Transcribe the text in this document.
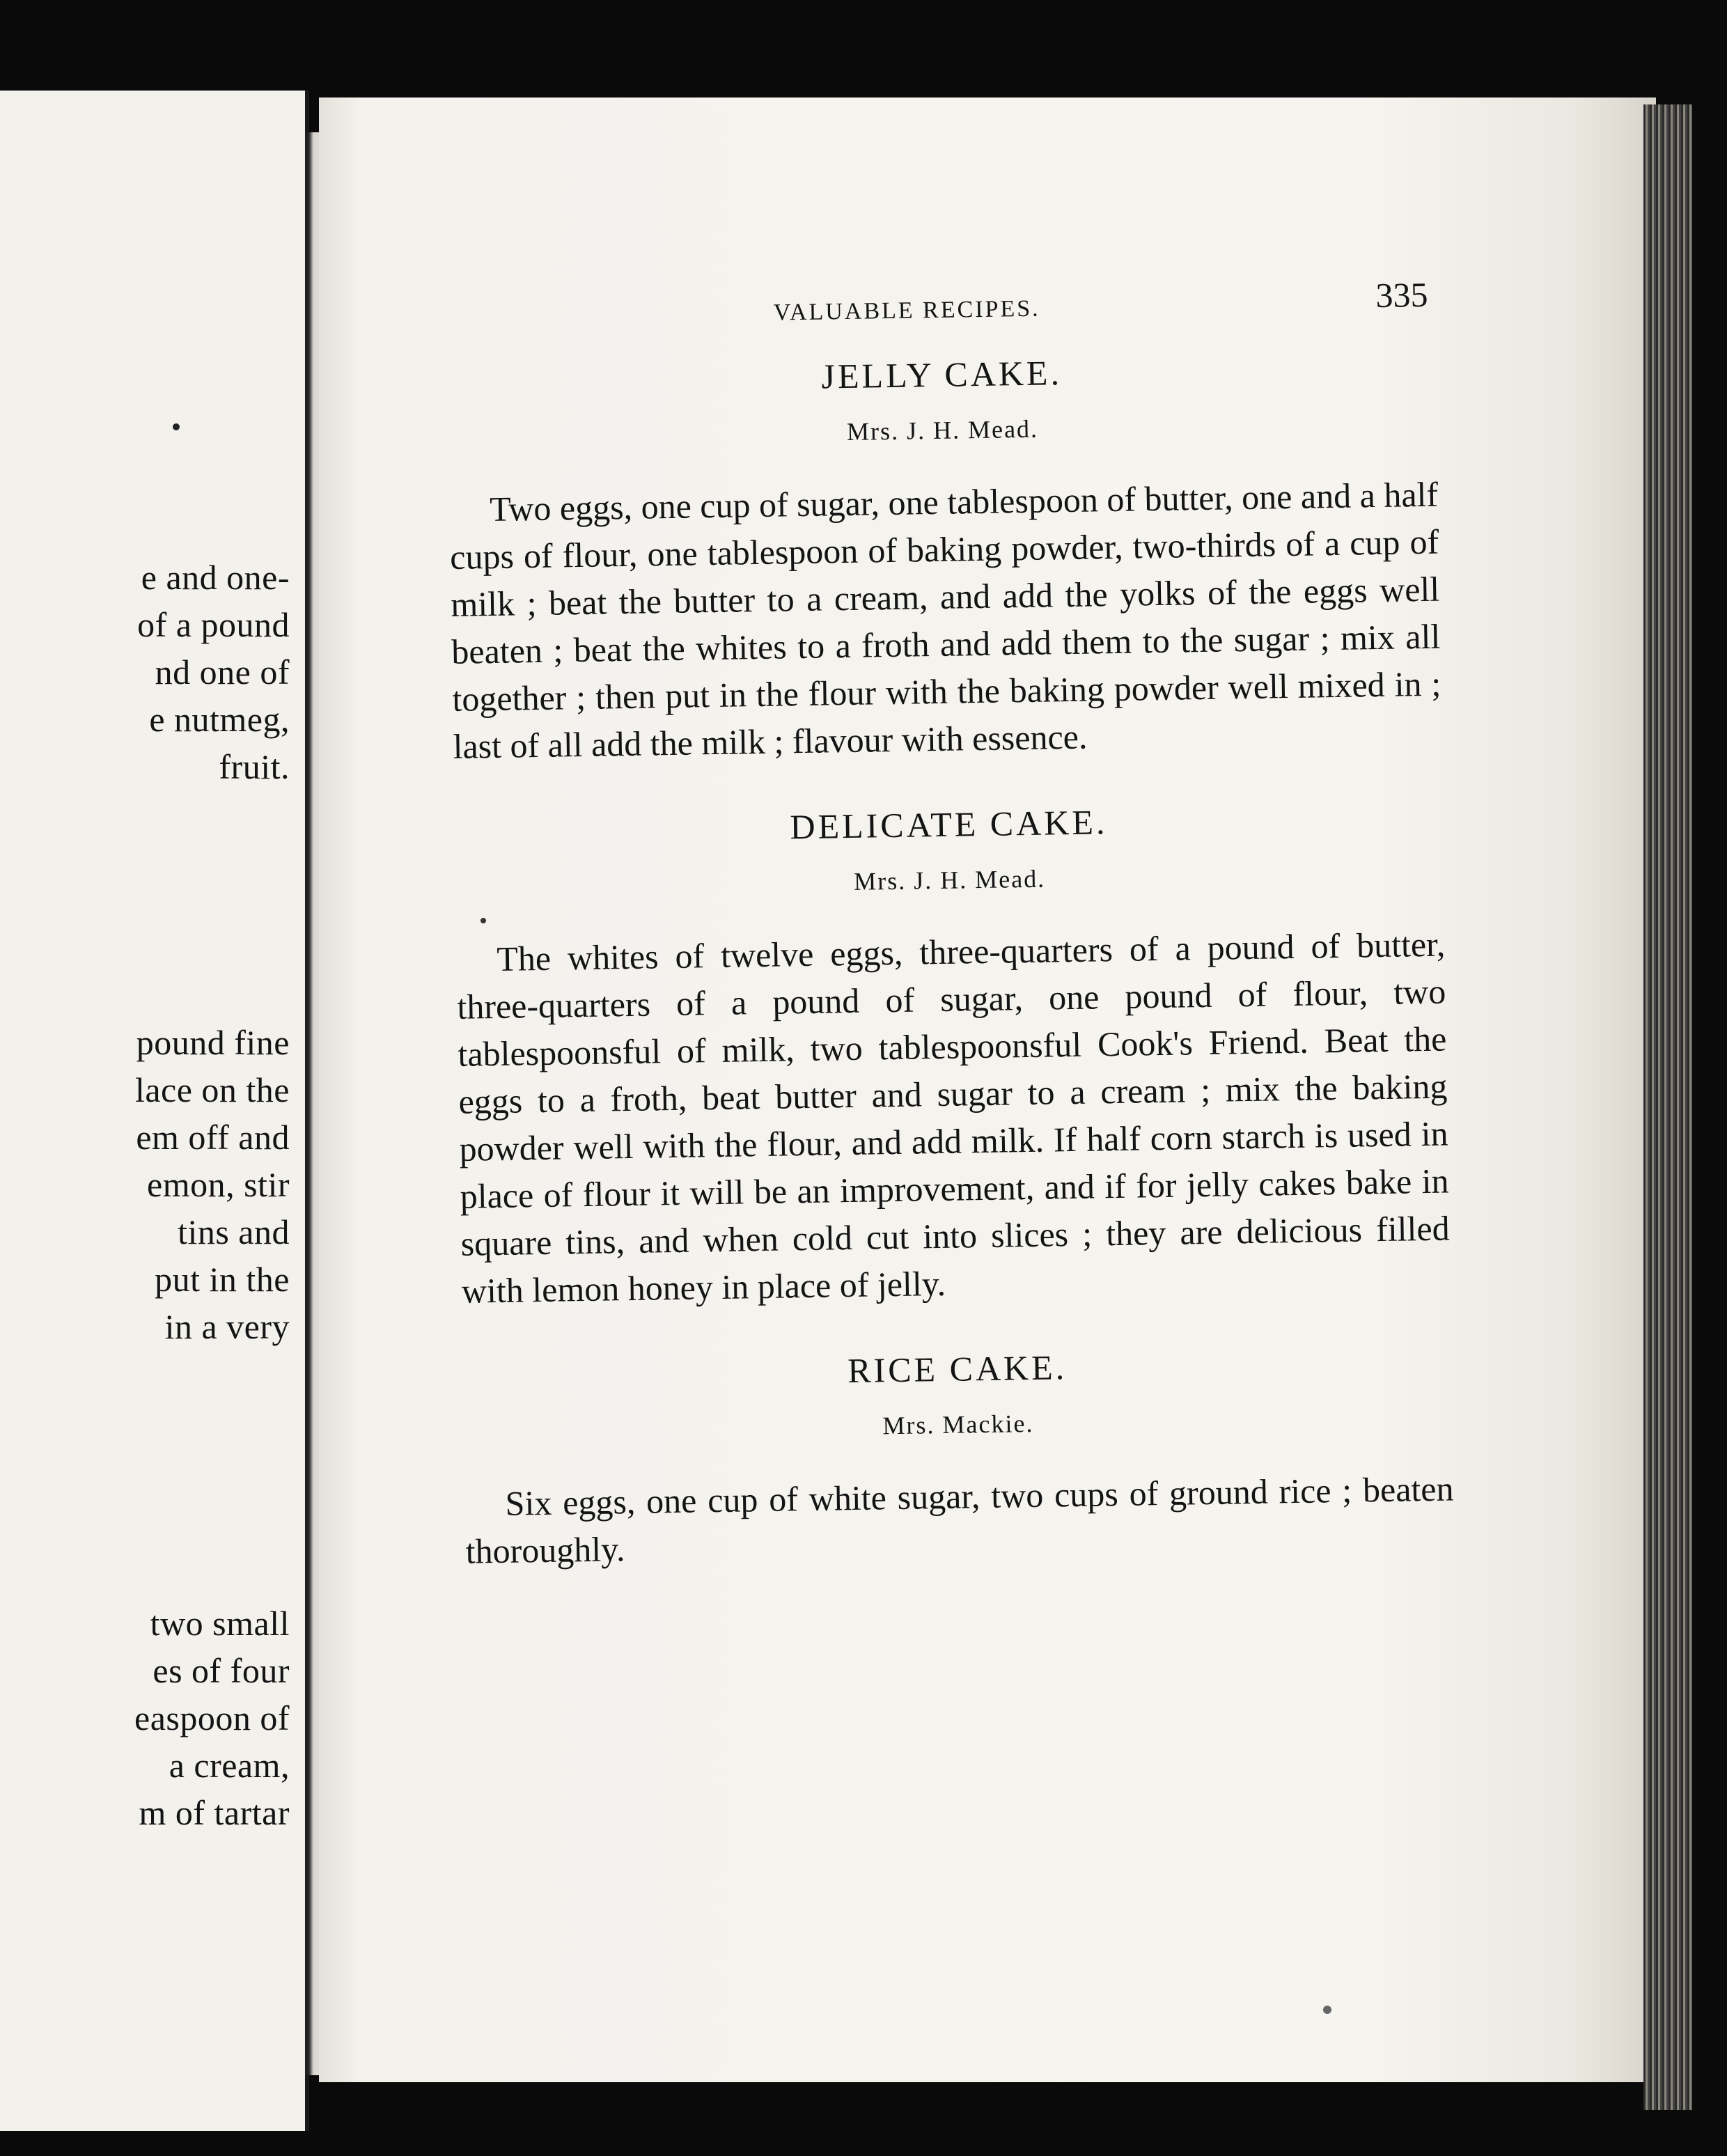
e and one-
of a pound
nd one of
e nutmeg,
fruit.
pound fine
lace on the
em off and
emon, stir
tins and
put in the
in a very
two small
es of four
easpoon of
a cream,
m of tartar
VALUABLE RECIPES.	335
JELLY CAKE.
Mrs. J. H. Mead.

Two eggs, one cup of sugar, one tablespoon of butter, one and a half cups of flour, one tablespoon of baking powder, two-thirds of a cup of milk ; beat the butter to a cream, and add the yolks of the eggs well beaten ; beat the whites to a froth and add them to the sugar ; mix all together ; then put in the flour with the baking powder well mixed in ; last of all add the milk ; flavour with essence.

DELICATE CAKE.
Mrs. J. H. Mead.

The whites of twelve eggs, three-quarters of a pound of butter, three-quarters of a pound of sugar, one pound of flour, two tablespoonsful of milk, two tablespoonsful Cook's Friend. Beat the eggs to a froth, beat butter and sugar to a cream ; mix the baking powder well with the flour, and add milk. If half corn starch is used in place of flour it will be an improvement, and if for jelly cakes bake in square tins, and when cold cut into slices ; they are delicious filled with lemon honey in place of jelly.

RICE CAKE.
Mrs. Mackie.

Six eggs, one cup of white sugar, two cups of ground rice ; beaten thoroughly.
